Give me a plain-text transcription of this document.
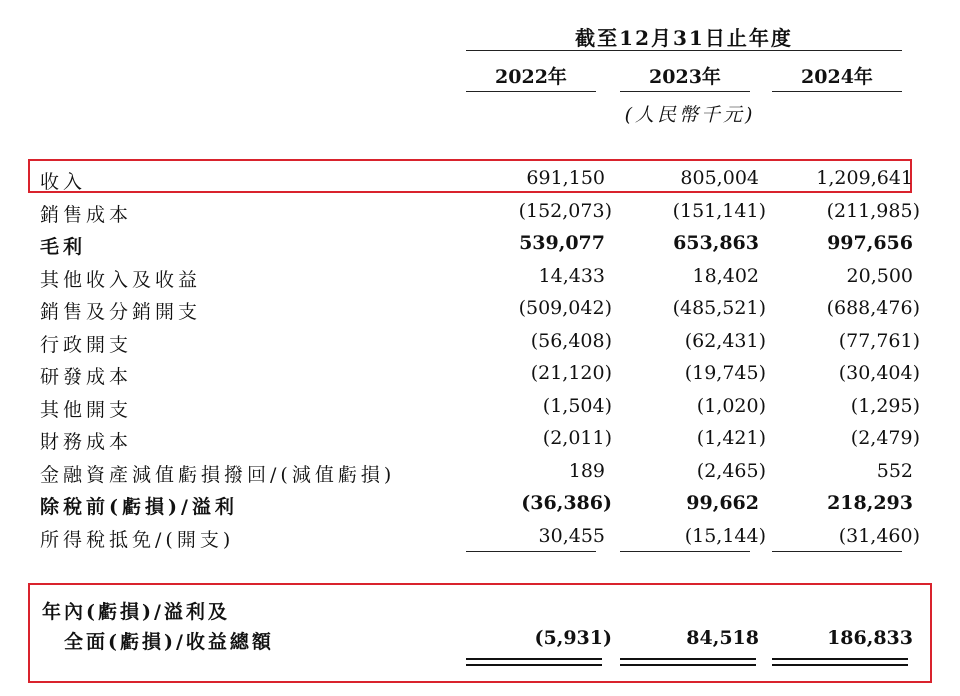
截至12月31日止年度
2022年	2023年	2024年
(人民幣千元)
收入	691,150	805,004	1,209,641
銷售成本	(152,073)	(151,141)	(211,985)
毛利	539,077	653,863	997,656
其他收入及收益	14,433	18,402	20,500
銷售及分銷開支	(509,042)	(485,521)	(688,476)
行政開支	(56,408)	(62,431)	(77,761)
研發成本	(21,120)	(19,745)	(30,404)
其他開支	(1,504)	(1,020)	(1,295)
財務成本	(2,011)	(1,421)	(2,479)
金融資產減值虧損撥回/(減值虧損)	189	(2,465)	552
除稅前(虧損)/溢利	(36,386)	99,662	218,293
所得稅抵免/(開支)	30,455	(15,144)	(31,460)
年內(虧損)/溢利及
全面(虧損)/收益總額	(5,931)	84,518	186,833
